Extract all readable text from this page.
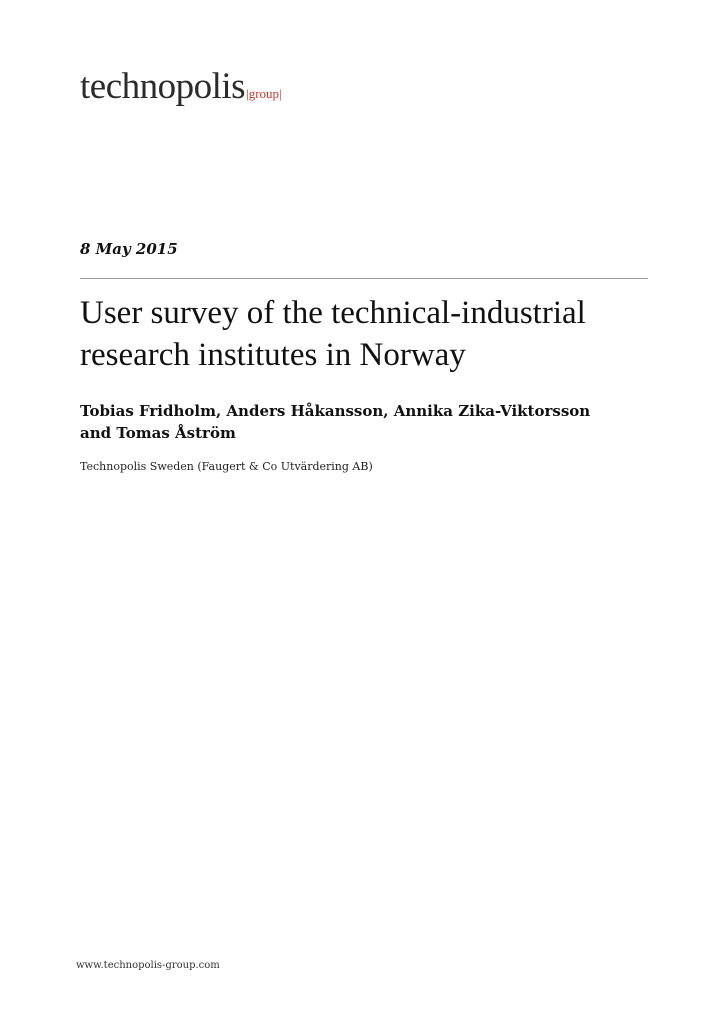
technopolis|group|
8 May 2015
User survey of the technical-industrial
research institutes in Norway

Tobias Fridholm, Anders Håkansson, Annika Zika-Viktorsson
and Tomas Åström

Technopolis Sweden (Faugert & Co Utvärdering AB)
www.technopolis-group.com
